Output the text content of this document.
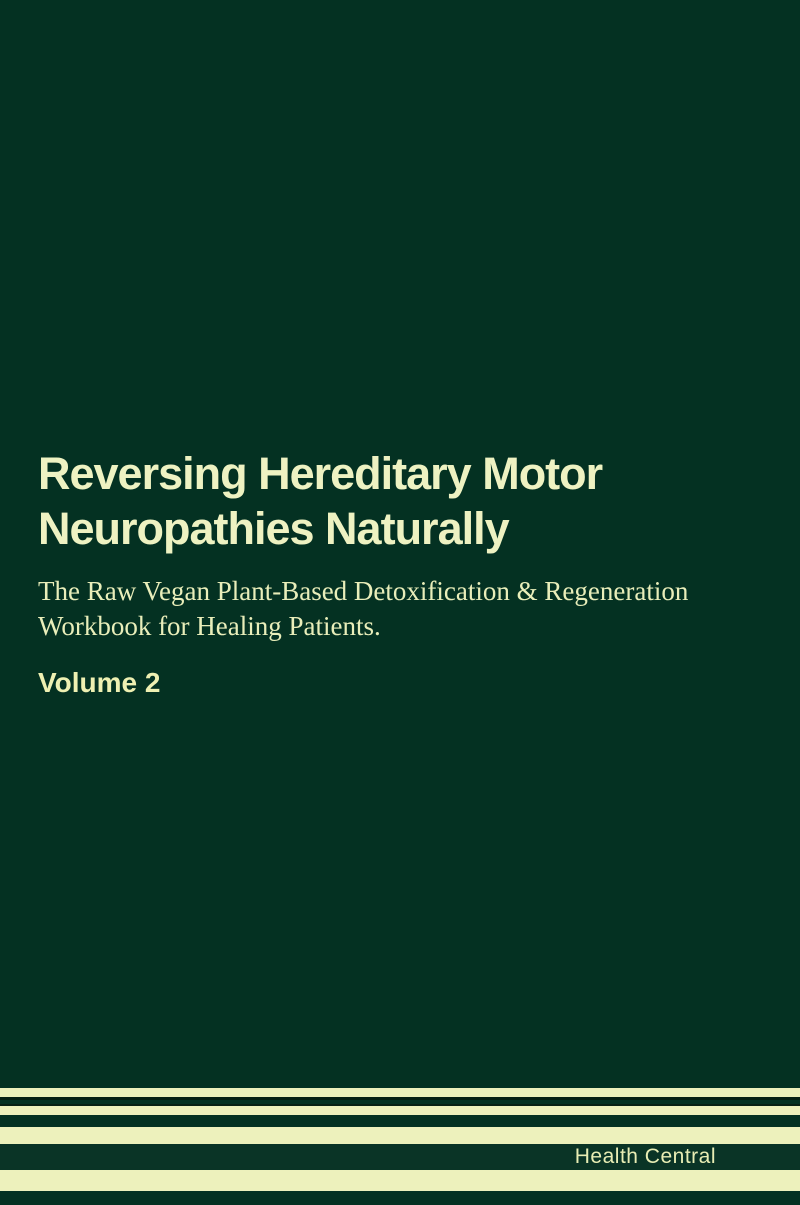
Reversing Hereditary Motor
Neuropathies Naturally

The Raw Vegan Plant-Based Detoxification & Regeneration
Workbook for Healing Patients.

Volume 2

Health Central
